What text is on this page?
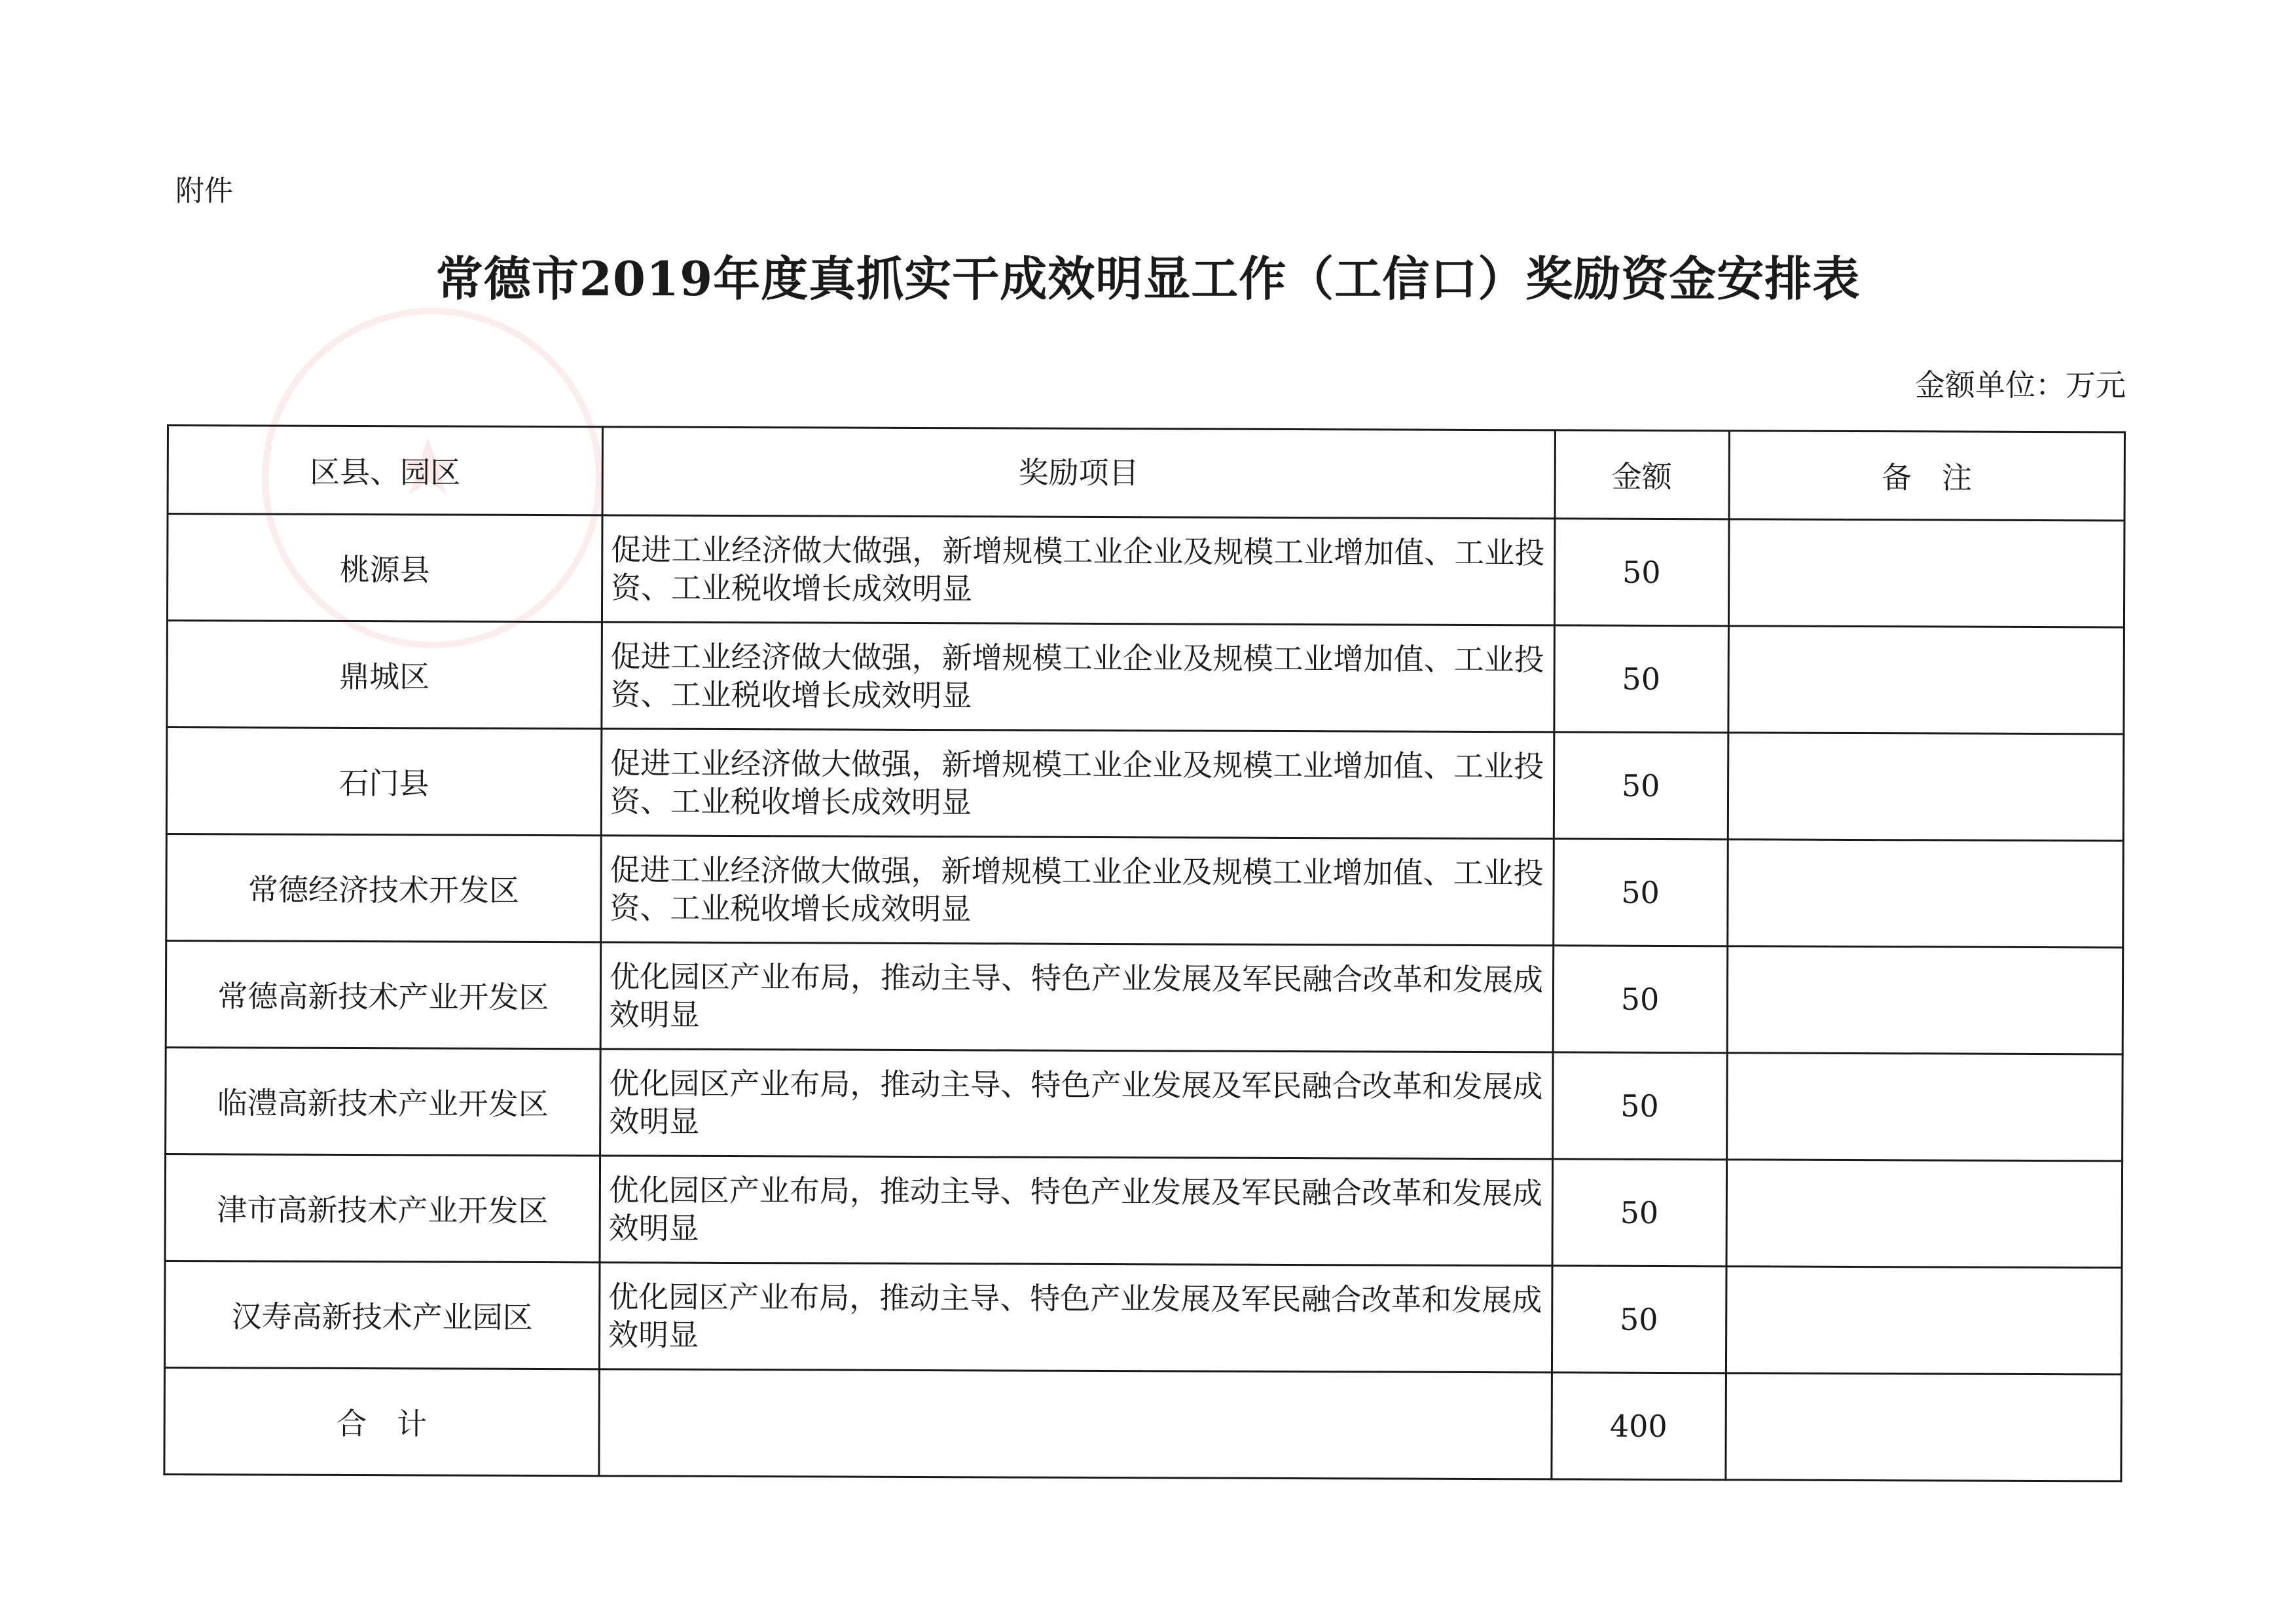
★
附件
常德市2019年度真抓实干成效明显工作（工信口）奖励资金安排表
金额单位：万元
区县、园区	奖励项目	金额	备　注
桃源县	促进工业经济做大做强，新增规模工业企业及规模工业增加值、工业投资、工业税收增长成效明显	50	
鼎城区	促进工业经济做大做强，新增规模工业企业及规模工业增加值、工业投资、工业税收增长成效明显	50	
石门县	促进工业经济做大做强，新增规模工业企业及规模工业增加值、工业投资、工业税收增长成效明显	50	
常德经济技术开发区	促进工业经济做大做强，新增规模工业企业及规模工业增加值、工业投资、工业税收增长成效明显	50	
常德高新技术产业开发区	优化园区产业布局，推动主导、特色产业发展及军民融合改革和发展成效明显	50	
临澧高新技术产业开发区	优化园区产业布局，推动主导、特色产业发展及军民融合改革和发展成效明显	50	
津市高新技术产业开发区	优化园区产业布局，推动主导、特色产业发展及军民融合改革和发展成效明显	50	
汉寿高新技术产业园区	优化园区产业布局，推动主导、特色产业发展及军民融合改革和发展成效明显	50	
合　计		400	
